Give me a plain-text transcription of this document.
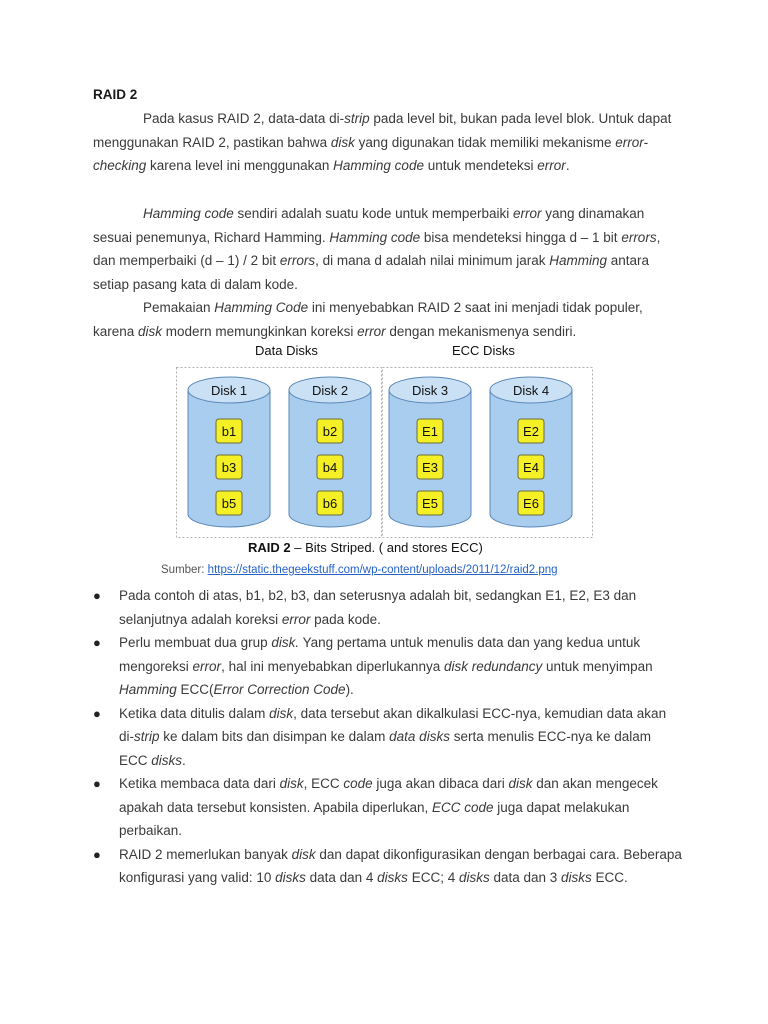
RAID 2

Pada kasus RAID 2, data-data di-strip pada level bit, bukan pada level blok. Untuk dapat menggunakan RAID 2, pastikan bahwa disk yang digunakan tidak memiliki mekanisme error-checking karena level ini menggunakan Hamming code untuk mendeteksi error.

Hamming code sendiri adalah suatu kode untuk memperbaiki error yang dinamakan sesuai penemunya, Richard Hamming. Hamming code bisa mendeteksi hingga d – 1 bit errors, dan memperbaiki (d – 1) / 2 bit errors, di mana d adalah nilai minimum jarak Hamming antara setiap pasang kata di dalam kode.

Pemakaian Hamming Code ini menyebabkan RAID 2 saat ini menjadi tidak populer, karena disk modern memungkinkan koreksi error dengan mekanismenya sendiri.

Data Disks	ECC Disks
Disk 1
b1
b3
b5
Disk 2
b2
b4
b6
Disk 3
E1
E3
E5
Disk 4
E2
E4
E6
RAID 2 – Bits Striped. ( and stores ECC)
Sumber: https://static.thegeekstuff.com/wp-content/uploads/2011/12/raid2.png
● Pada contoh di atas, b1, b2, b3, dan seterusnya adalah bit, sedangkan E1, E2, E3 dan selanjutnya adalah koreksi error pada kode.
● Perlu membuat dua grup disk. Yang pertama untuk menulis data dan yang kedua untuk mengoreksi error, hal ini menyebabkan diperlukannya disk redundancy untuk menyimpan Hamming ECC(Error Correction Code).
● Ketika data ditulis dalam disk, data tersebut akan dikalkulasi ECC-nya, kemudian data akan di-strip ke dalam bits dan disimpan ke dalam data disks serta menulis ECC-nya ke dalam ECC disks.
● Ketika membaca data dari disk, ECC code juga akan dibaca dari disk dan akan mengecek apakah data tersebut konsisten. Apabila diperlukan, ECC code juga dapat melakukan perbaikan.
● RAID 2 memerlukan banyak disk dan dapat dikonfigurasikan dengan berbagai cara. Beberapa konfigurasi yang valid: 10 disks data dan 4 disks ECC; 4 disks data dan 3 disks ECC.
